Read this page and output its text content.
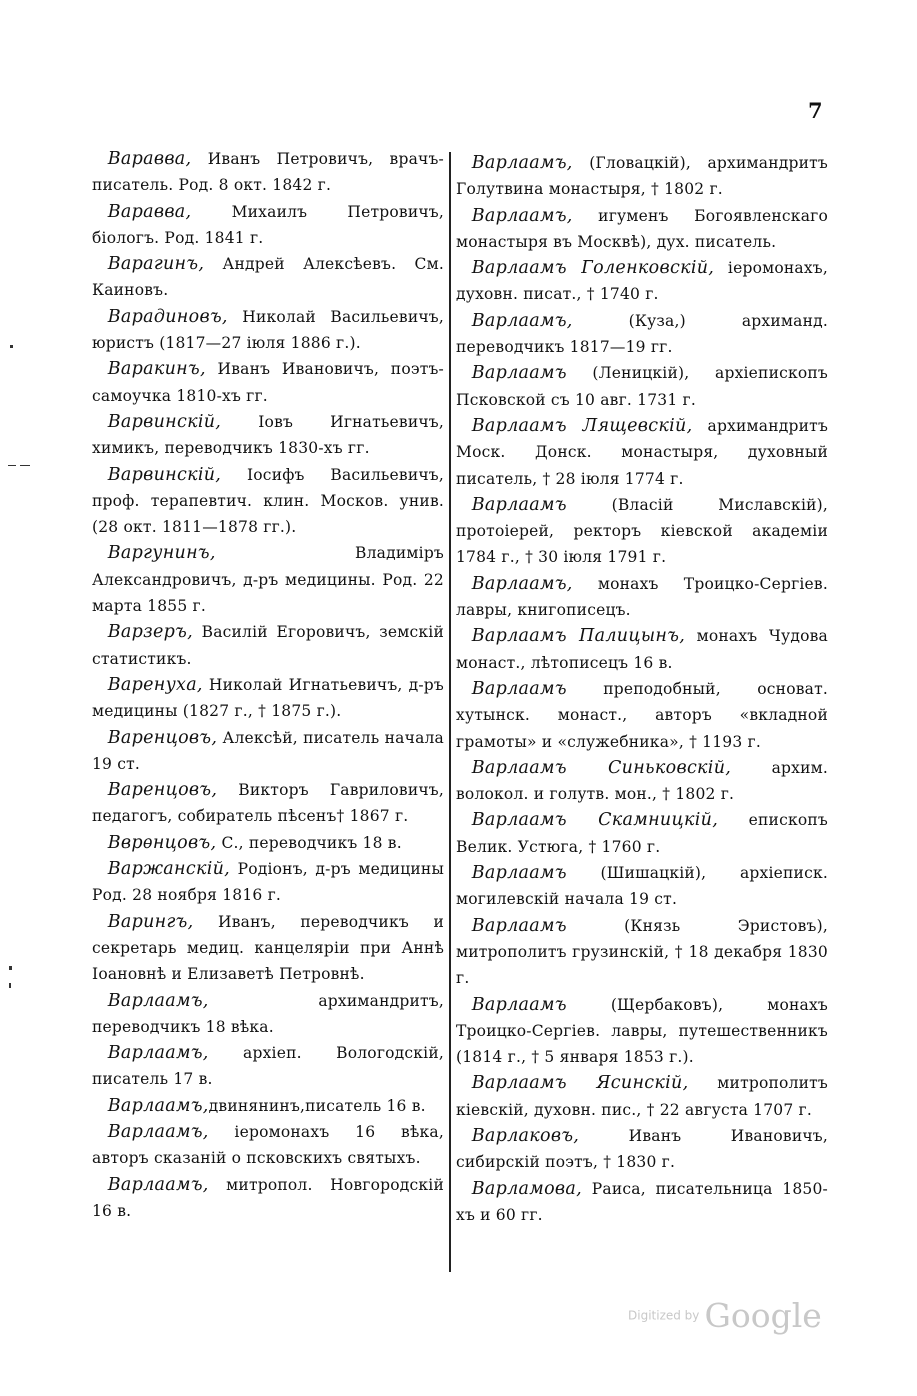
7

 Варавва, Иванъ Петровичъ, врачъ-писатель. Род. 8 окт. 1842 г.

 Варавва, Михаилъ Петровичъ, біологъ. Род. 1841 г.

 Варагинъ, Андрей Алексѣевъ. См. Каиновъ.

 Варадиновъ, Николай Васильевичъ, юристъ (1817—27 іюля 1886 г.).

 Варакинъ, Иванъ Ивановичъ, поэтъ-самоучка 1810-хъ гг.

 Варвинскій, Іовъ Игнатьевичъ, химикъ, переводчикъ 1830-хъ гг.

 Варвинскій, Іосифъ Васильевичъ, проф. терапевтич. клин. Москов. унив. (28 окт. 1811—1878 гг.).

 Варгунинъ, Владиміръ Александровичъ, д-ръ медицины. Род. 22 марта 1855 г.

 Варзеръ, Василій Егоровичъ, земскій статистикъ.

 Варенуха, Николай Игнатьевичъ, д-ръ медицины (1827 г., † 1875 г.).

 Варенцовъ, Алексѣй, писатель начала 19 ст.

 Варенцовъ, Викторъ Гавриловичъ, педагогъ, собиратель пѣсенъ† 1867 г.

 Вврѳнцовъ, С., переводчикъ 18 в.

 Варжанскій, Родіонъ, д-ръ медицины Род. 28 ноября 1816 г.

 Варингъ, Иванъ, переводчикъ и секретарь медиц. канцеляріи при Аннѣ Іоановнѣ и Елизаветѣ Петровнѣ.

 Варлаамъ, архимандритъ, переводчикъ 18 вѣка.

 Варлаамъ, архіеп. Вологодскій, писатель 17 в.

 Варлаамъ,двинянинъ,писатель 16 в.

 Варлаамъ, іеромонахъ 16 вѣка, авторъ сказаній о псковскихъ святыхъ.

 Варлаамъ, митропол. Новгородскій 16 в.

 Варлаамъ, (Гловацкій), архимандритъ Голутвина монастыря, † 1802 г.

 Варлаамъ, игуменъ Богоявленскаго монастыря въ Москвѣ), дух. писатель.

 Варлаамъ Голенковскій, іеромонахъ, духовн. писат., † 1740 г.

 Варлаамъ, (Куза,) архиманд. переводчикъ 1817—19 гг.

 Варлаамъ (Леницкій), архіепископъ Псковской съ 10 авг. 1731 г.

 Варлаамъ Лящевскій, архимандритъ Моск. Донск. монастыря, духовный писатель, † 28 іюля 1774 г.

 Варлаамъ (Власій Миславскій), протоіерей, ректоръ кіевской академіи 1784 г., † 30 іюля 1791 г.

 Варлаамъ, монахъ Троицко-Сергіев. лавры, книгописецъ.

 Варлаамъ Палицынъ, монахъ Чудова монаст., лѣтописецъ 16 в.

 Варлаамъ преподобный, основат. хутынск. монаст., авторъ «вкладной грамоты» и «служебника», † 1193 г.

 Варлаамъ Синьковскій, архим. волокол. и голутв. мон., † 1802 г.

 Варлаамъ Скамницкій, епископъ Велик. Устюга, † 1760 г.

 Варлаамъ (Шишацкій), архіеписк. могилевскій начала 19 ст.

 Варлаамъ (Князь Эристовъ), митрополитъ грузинскій, † 18 декабря 1830 г.

 Варлаамъ (Щербаковъ), монахъ Троицко-Сергіев. лавры, путешественникъ (1814 г., † 5 января 1853 г.).

 Варлаамъ Ясинскій, митрополитъ кіевскій, духовн. пис., † 22 августа 1707 г.

 Варлаковъ, Иванъ Ивановичъ, сибирскій поэтъ, † 1830 г.

 Варламова, Раиса, писательница 1850-хъ и 60 гг.

Digitized by Google
